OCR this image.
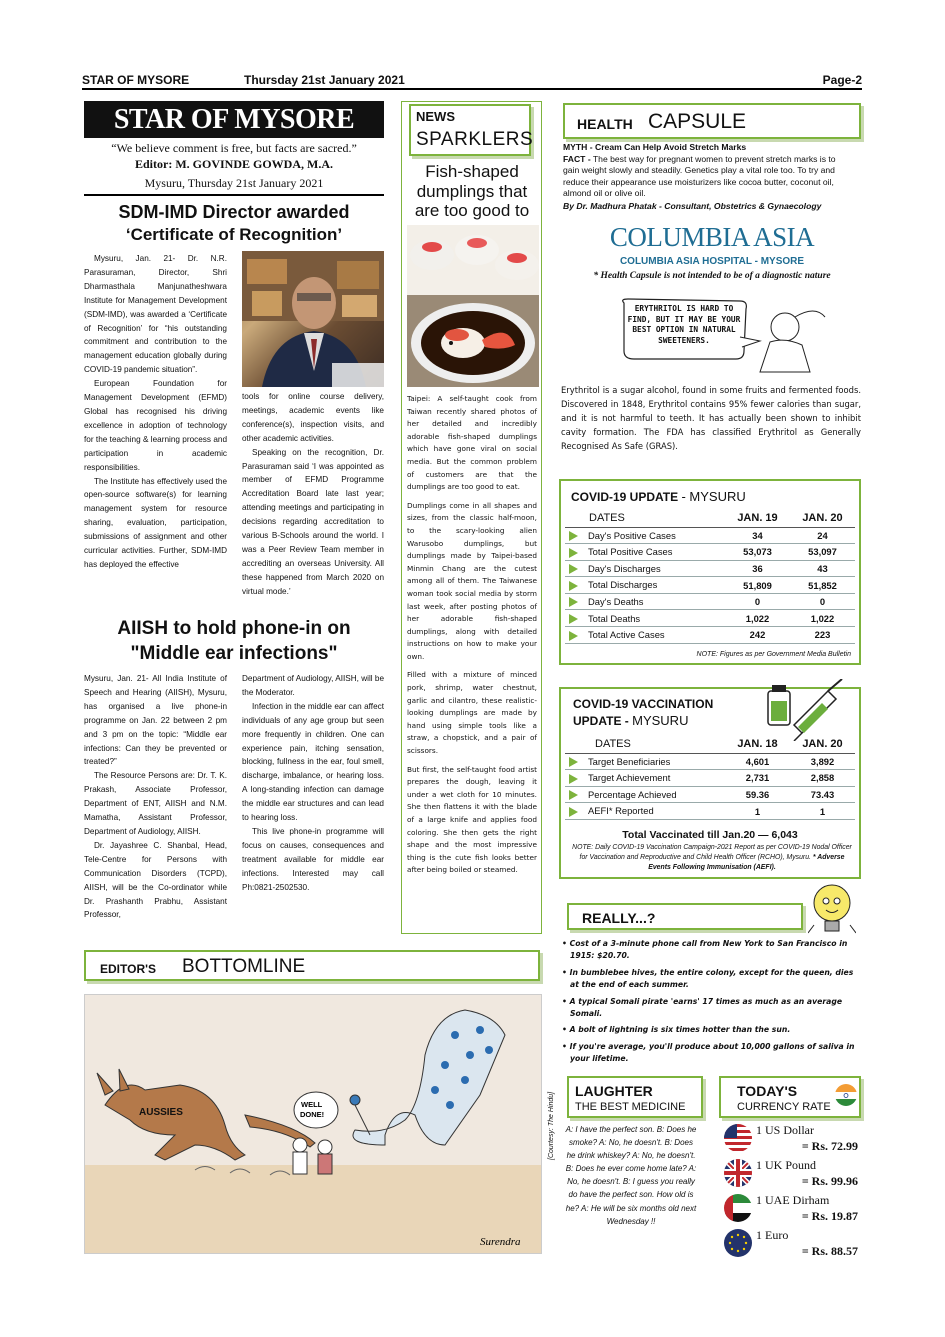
STAR OF MYSORE	Thursday 21st January 2021	Page-2
STAR OF MYSORE
“We believe comment is free, but facts are sacred.”
Editor: M. GOVINDE GOWDA, M.A.
Mysuru, Thursday 21st January 2021
SDM-IMD Director awarded
‘Certificate of Recognition’

Mysuru, Jan. 21- Dr. N.R. Parasuraman, Director, Shri Dharmasthala Manjunatheshwara Institute for Management Development (SDM-IMD), was awarded a ‘Certificate of Recognition’ for “his outstanding commitment and contribution to the management education globally during COVID-19 pandemic situation”.

European Foundation for Management Development (EFMD) Global has recognised his driving excellence in adoption of technology for the teaching & learning process and participation in academic responsibilities.

The Institute has effectively used the open-source software(s) for learning management system for resource sharing, evaluation, participation, submissions of assignment and other curricular activities. Further, SDM-IMD has deployed the effective

tools for online course delivery, meetings, academic events like conference(s), inspection visits, and other academic activities.

Speaking on the recognition, Dr. Parasuraman said ‘I was appointed as member of EFMD Programme Accreditation Board late last year; attending meetings and participating in decisions regarding accreditation to various B-Schools around the world. I was a Peer Review Team member in accrediting an overseas University. All these happened from March 2020 on virtual mode.’

AIISH to hold phone-in on
"Middle ear infections"

Mysuru, Jan. 21- All India Institute of Speech and Hearing (AIISH), Mysuru, has organised a live phone-in programme on Jan. 22 between 2 pm and 3 pm on the topic: “Middle ear infections: Can they be prevented or treated?”

The Resource Persons are: Dr. T. K. Prakash, Associate Professor, Department of ENT, AIISH and N.M. Mamatha, Assistant Professor, Department of Audiology, AIISH.

Dr. Jayashree C. Shanbal, Head, Tele-Centre for Persons with Communication Disorders (TCPD), AIISH, will be the Co-ordinator while Dr. Prashanth Prabhu, Assistant Professor,

Department of Audiology, AIISH, will be the Moderator.

Infection in the middle ear can affect individuals of any age group but seen more frequently in children. One can experience pain, itching sensation, blocking, fullness in the ear, foul smell, discharge, imbalance, or hearing loss. A long-standing infection can damage the middle ear structures and can lead to hearing loss.

This live phone-in programme will focus on causes, consequences and treatment available for middle ear infections. Interested may call Ph:0821-2502530.

NEWS
SPARKLERS
Fish-shaped dumplings that are too good to

Taipei: A self-taught cook from Taiwan recently shared photos of her detailed and incredibly adorable fish-shaped dumplings which have gone viral on social media. But the common problem of customers are that the dumplings are too good to eat.

Dumplings come in all shapes and sizes, from the classic half-moon, to the scary-looking alien Warusobo dumplings, but dumplings made by Taipei-based Minmin Chang are the cutest among all of them. The Taiwanese woman took social media by storm last week, after posting photos of her adorable fish-shaped dumplings, along with detailed instructions on how to make your own.

Filled with a mixture of minced pork, shrimp, water chestnut, garlic and cilantro, these realistic-looking dumplings are made by hand using simple tools like a straw, a chopstick, and a pair of scissors.

But first, the self-taught food artist prepares the dough, leaving it under a wet cloth for 10 minutes. She then flattens it with the blade of a large knife and applies food coloring. She then gets the right shape and the most impressive thing is the cute fish looks better after being boiled or steamed.

HEALTH CAPSULE
MYTH - Cream Can Help Avoid Stretch Marks
FACT - The best way for pregnant women to prevent stretch marks is to gain weight slowly and steadily. Genetics play a vital role too. To try and reduce their appearance use moisturizers like cocoa butter, coconut oil, almond oil or olive oil.
By Dr. Madhura Phatak - Consultant, Obstetrics & Gynaecology
COLUMBIA ASIA
COLUMBIA ASIA HOSPITAL - MYSORE
* Health Capsule is not intended to be of a diagnostic nature
ERYTHRITOL IS HARD TO FIND, BUT IT MAY BE YOUR BEST OPTION IN NATURAL SWEETENERS.
Erythritol is a sugar alcohol, found in some fruits and fermented foods. Discovered in 1848, Erythritol contains 95% fewer calories than sugar, and it is not harmful to teeth. It has actually been shown to inhibit cavity formation. The FDA has classified Erythritol as Generally Recognised As Safe (GRAS).
COVID-19 UPDATE - MYSURU
DATES	JAN. 19	JAN. 20
Day's Positive Cases	34	24
Total Positive Cases	53,073	53,097
Day's Discharges	36	43
Total Discharges	51,809	51,852
Day's Deaths	0	0
Total Deaths	1,022	1,022
Total Active Cases	242	223
NOTE: Figures as per Government Media Bulletin
COVID-19 VACCINATION
UPDATE - MYSURU
DATES	JAN. 18	JAN. 20
Target Beneficiaries	4,601	3,892
Target Achievement	2,731	2,858
Percentage Achieved	59.36	73.43
AEFI* Reported	1	1
Total Vaccinated till Jan.20 — 6,043
NOTE: Daily COVID-19 Vaccination Campaign-2021 Report as per COVID-19 Nodal Officer for Vaccination and Reproductive and Child Health Officer (RCHO), Mysuru. * Adverse Events Following Immunisation (AEFI).
REALLY...?
• Cost of a 3-minute phone call from New York to San Francisco in 1915: $20.70.
• In bumblebee hives, the entire colony, except for the queen, dies at the end of each summer.
• A typical Somali pirate 'earns' 17 times as much as an average Somali.
• A bolt of lightning is six times hotter than the sun.
• If you're average, you'll produce about 10,000 gallons of saliva in your lifetime.
EDITOR'S BOTTOMLINE
AUSSIES
WELL
DONE!
Surendra
[Courtesy: The Hindu]
LAUGHTER
THE BEST MEDICINE
A: I have the perfect son. B: Does he smoke? A: No, he doesn't. B: Does he drink whiskey? A: No, he doesn't. B: Does he ever come home late? A: No, he doesn't. B: I guess you really do have the perfect son. How old is he? A: He will be six months old next Wednesday !!
TODAY'S
CURRENCY RATE
1 US Dollar
= Rs. 72.99
1 UK Pound
= Rs. 99.96
1 UAE Dirham
= Rs. 19.87
1 Euro
= Rs. 88.57
